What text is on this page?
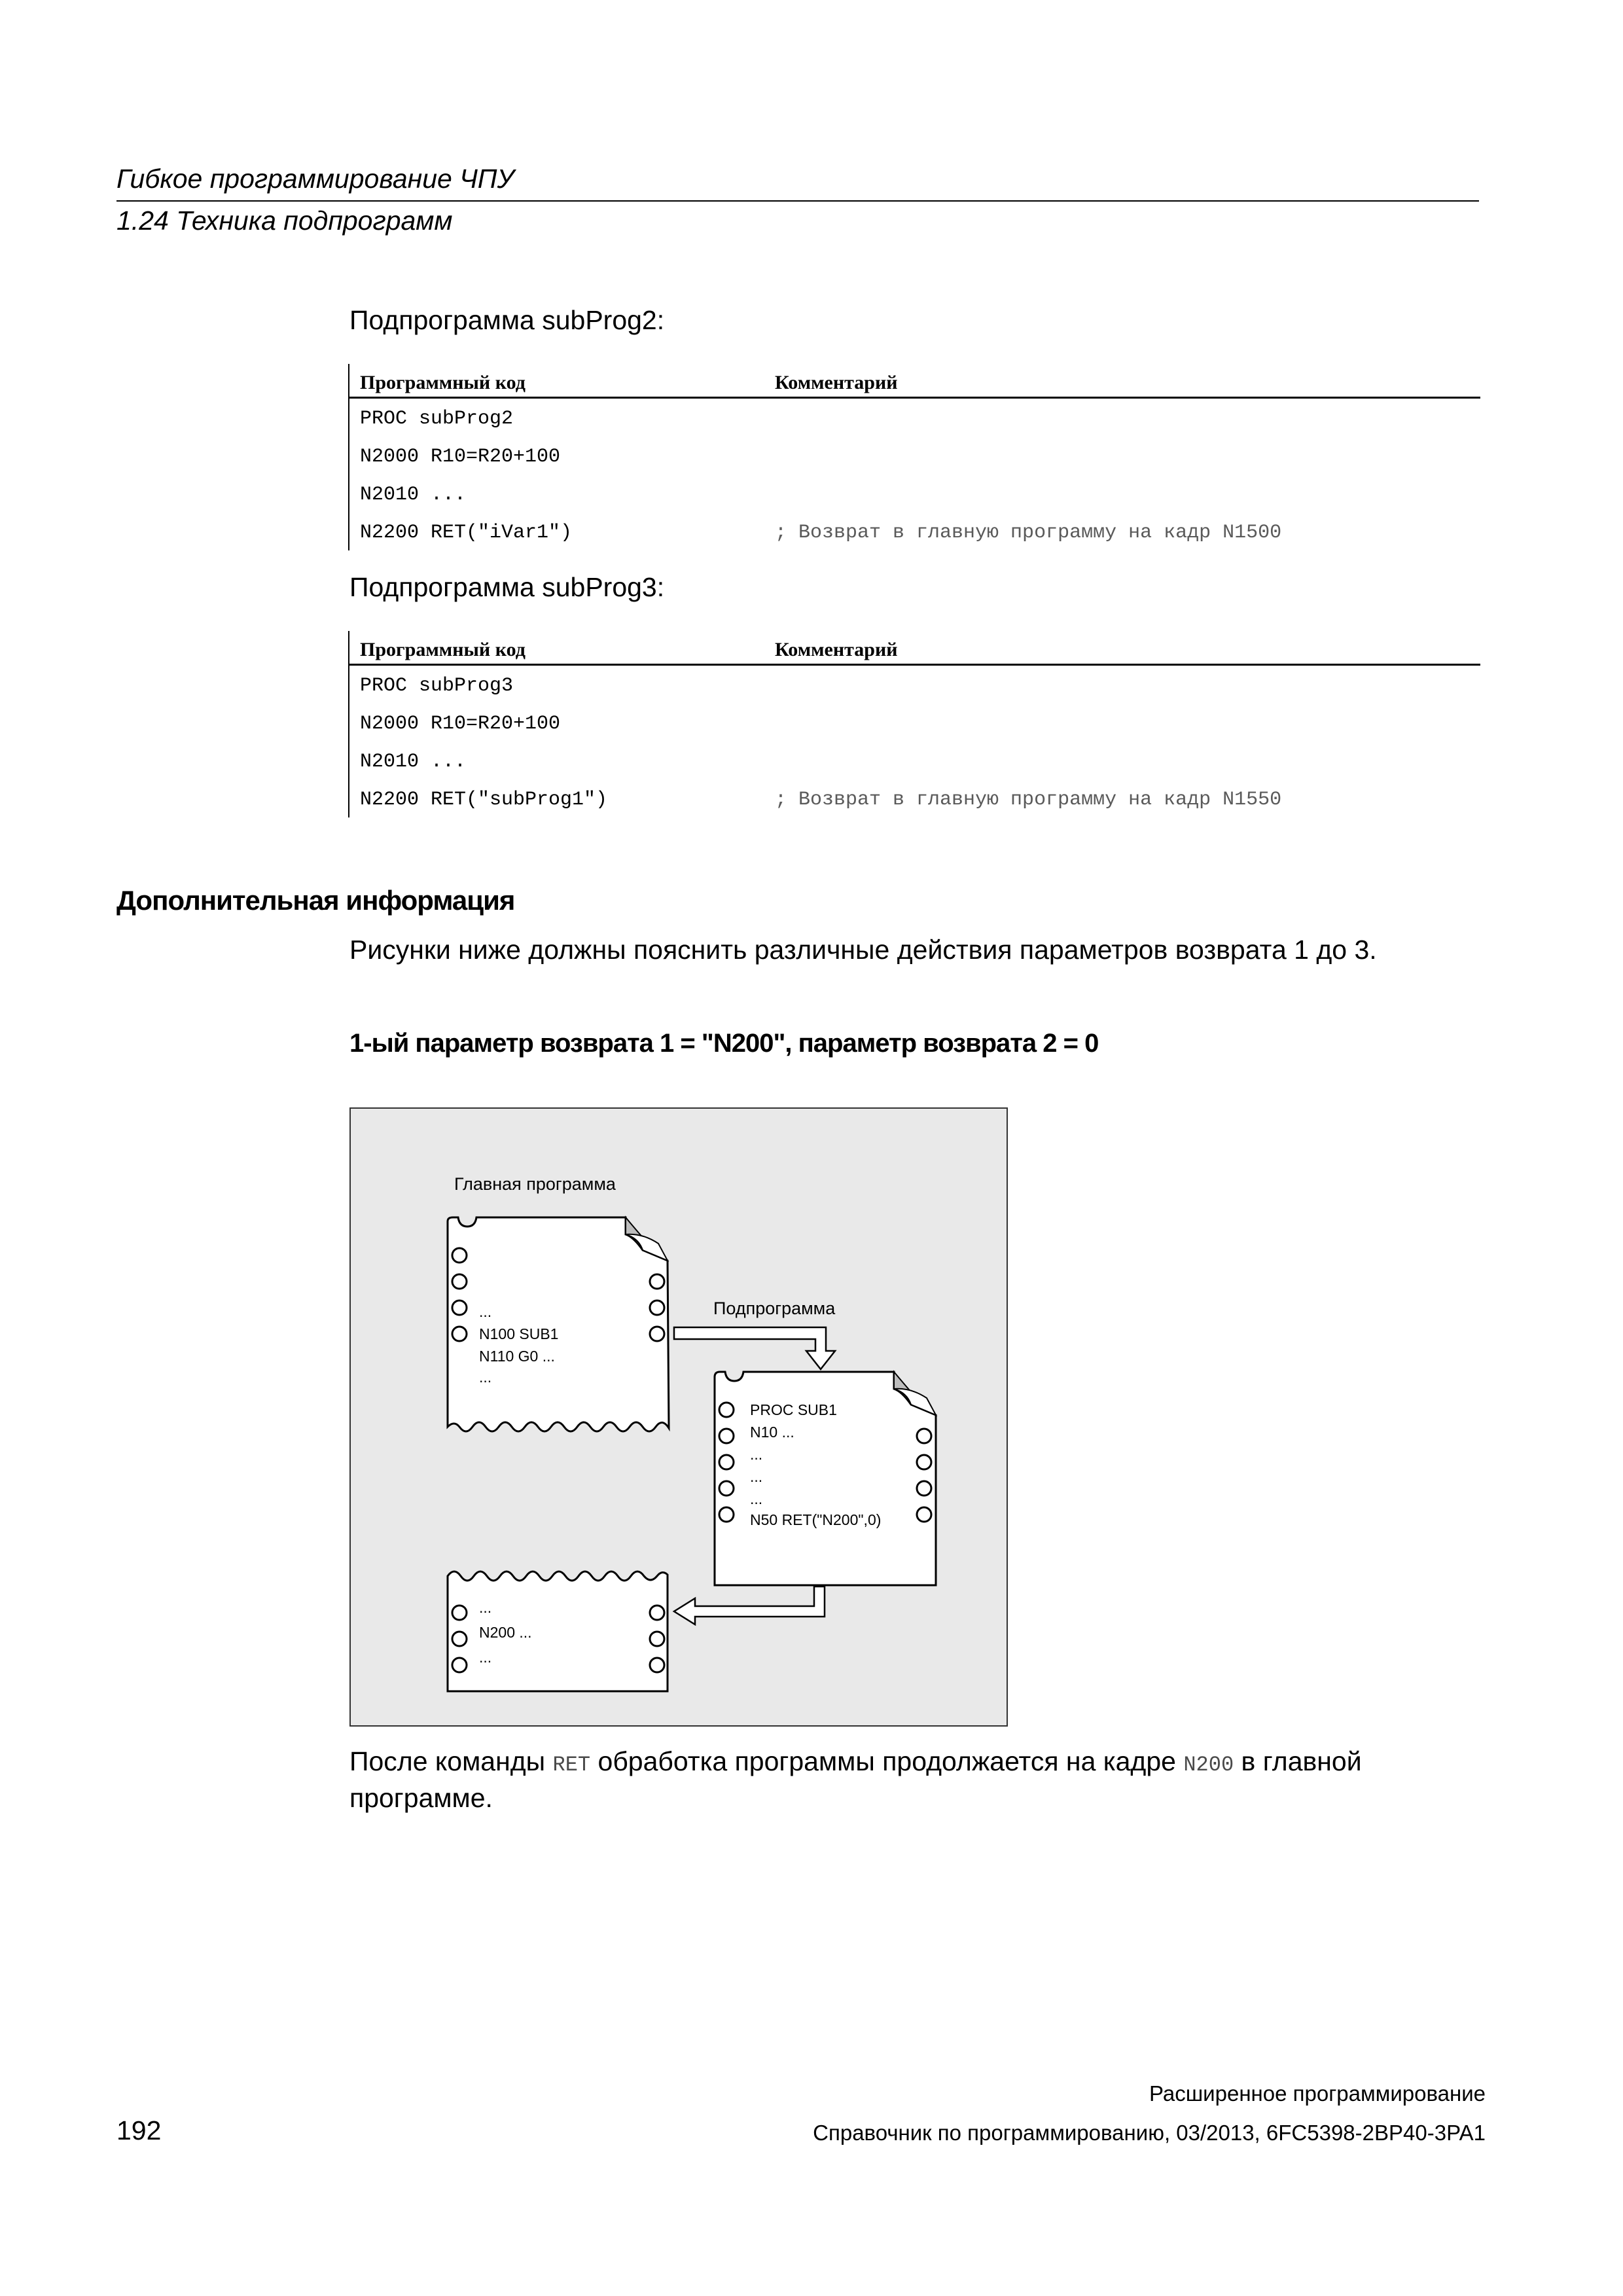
Гибкое программирование ЧПУ
1.24 Техника подпрограмм
Подпрограмма subProg2:
Программный код	Комментарий
PROC subProg2
N2000 R10=R20+100
N2010 ...
N2200 RET("iVar1")	; Возврат в главную программу на кадр N1500
Подпрограмма subProg3:
Программный код	Комментарий
PROC subProg3
N2000 R10=R20+100
N2010 ...
N2200 RET("subProg1")	; Возврат в главную программу на кадр N1550
Дополнительная информация
Рисунки ниже должны пояснить различные действия параметров возврата 1 до 3.
1-ый параметр возврата 1 = "N200", параметр возврата 2 = 0
Главная программа
...
N100 SUB1
N110 G0 ...
...
Подпрограмма
PROC SUB1
N10 ...
...
...
...
N50 RET("N200",0)
...
N200 ...
...
После команды RET обработка программы продолжается на кадре N200 в главной
программе.
Расширенное программирование
192	Справочник по программированию, 03/2013, 6FC5398-2BP40-3PA1
